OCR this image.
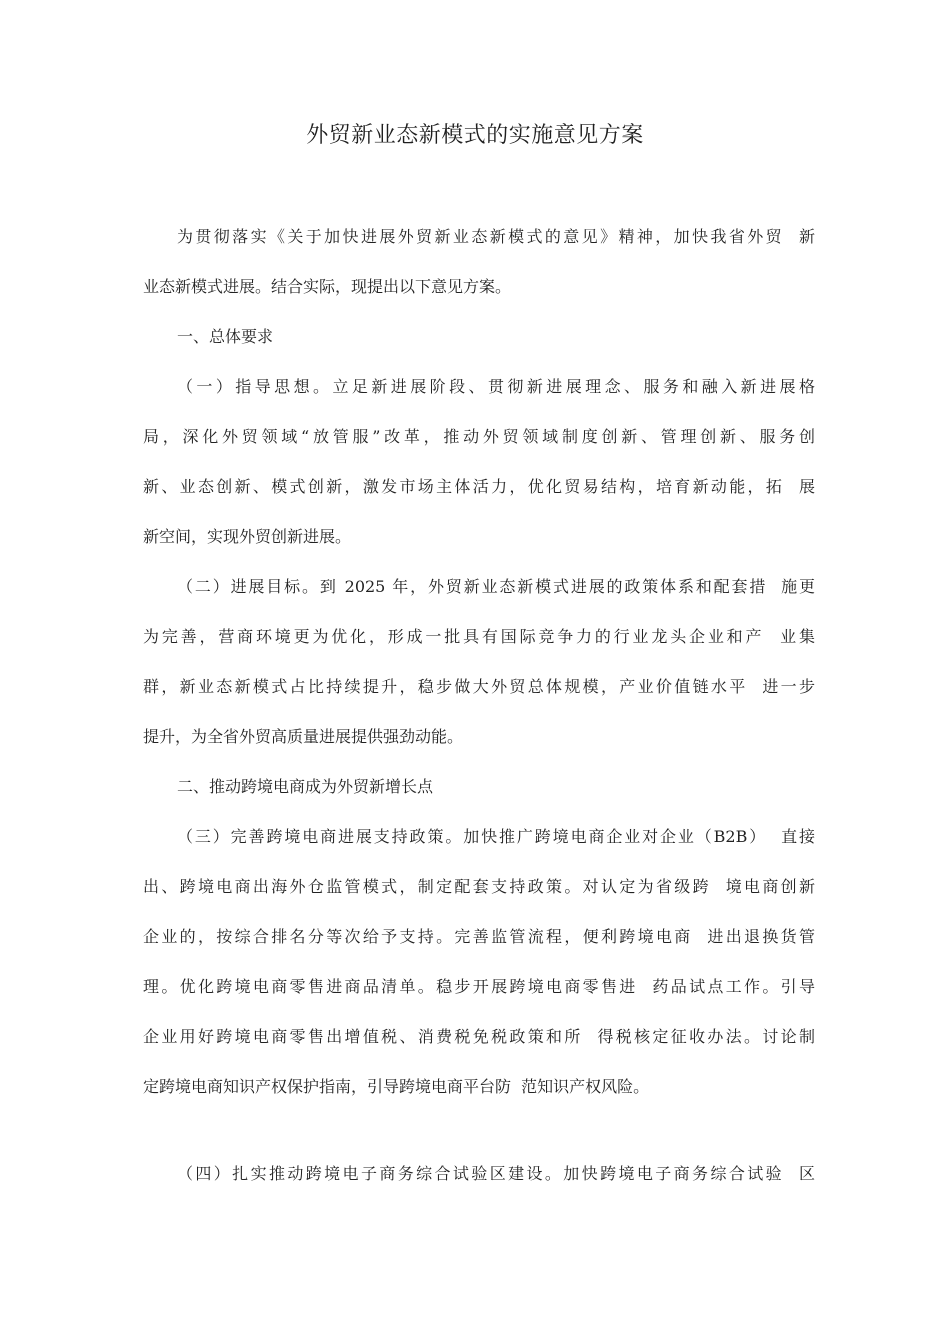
外贸新业态新模式的实施意见方案
为贯彻落实《关于加快进展外贸新业态新模式的意见》精神，加快我省外贸  新
业态新模式进展。结合实际，现提出以下意见方案。
一、总体要求
（一）指导思想。立足新进展阶段、贯彻新进展理念、服务和融入新进展格
局，深化外贸领域“放管服”改革，推动外贸领域制度创新、管理创新、服务创
新、业态创新、模式创新，激发市场主体活力，优化贸易结构，培育新动能，拓  展
新空间，实现外贸创新进展。
（二）进展目标。到 2025 年，外贸新业态新模式进展的政策体系和配套措  施更
为完善，营商环境更为优化，形成一批具有国际竞争力的行业龙头企业和产  业集
群，新业态新模式占比持续提升，稳步做大外贸总体规模，产业价值链水平  进一步
提升，为全省外贸高质量进展提供强劲动能。
二、推动跨境电商成为外贸新增长点
（三）完善跨境电商进展支持政策。加快推广跨境电商企业对企业（B2B）  直接
出、跨境电商出海外仓监管模式，制定配套支持政策。对认定为省级跨  境电商创新
企业的，按综合排名分等次给予支持。完善监管流程，便利跨境电商  进出退换货管
理。优化跨境电商零售进商品清单。稳步开展跨境电商零售进  药品试点工作。引导
企业用好跨境电商零售出增值税、消费税免税政策和所  得税核定征收办法。讨论制
定跨境电商知识产权保护指南，引导跨境电商平台防  范知识产权风险。
（四）扎实推动跨境电子商务综合试验区建设。加快跨境电子商务综合试验  区
